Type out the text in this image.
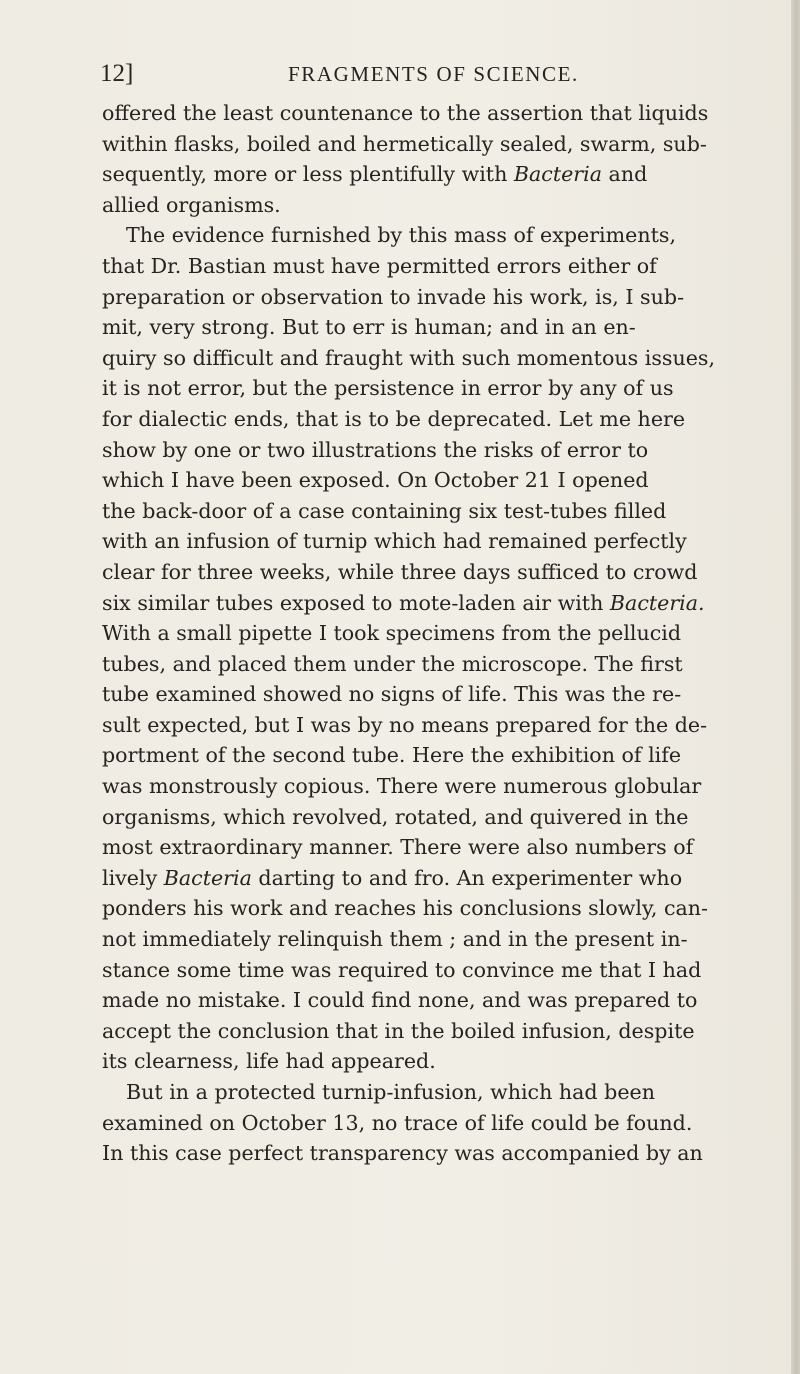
12]	FRAGMENTS OF SCIENCE.
offered the least countenance to the assertion that liquids
within flasks, boiled and hermetically sealed, swarm, sub-
sequently, more or less plentifully with Bacteria and
allied organisms.
The evidence furnished by this mass of experiments,
that Dr. Bastian must have permitted errors either of
preparation or observation to invade his work, is, I sub-
mit, very strong. But to err is human; and in an en-
quiry so difficult and fraught with such momentous issues,
it is not error, but the persistence in error by any of us
for dialectic ends, that is to be deprecated. Let me here
show by one or two illustrations the risks of error to
which I have been exposed. On October 21 I opened
the back-door of a case containing six test-tubes filled
with an infusion of turnip which had remained perfectly
clear for three weeks, while three days sufficed to crowd
six similar tubes exposed to mote-laden air with Bacteria.
With a small pipette I took specimens from the pellucid
tubes, and placed them under the microscope. The first
tube examined showed no signs of life. This was the re-
sult expected, but I was by no means prepared for the de-
portment of the second tube. Here the exhibition of life
was monstrously copious. There were numerous globular
organisms, which revolved, rotated, and quivered in the
most extraordinary manner. There were also numbers of
lively Bacteria darting to and fro. An experimenter who
ponders his work and reaches his conclusions slowly, can-
not immediately relinquish them ; and in the present in-
stance some time was required to convince me that I had
made no mistake. I could find none, and was prepared to
accept the conclusion that in the boiled infusion, despite
its clearness, life had appeared.
But in a protected turnip-infusion, which had been
examined on October 13, no trace of life could be found.
In this case perfect transparency was accompanied by an
